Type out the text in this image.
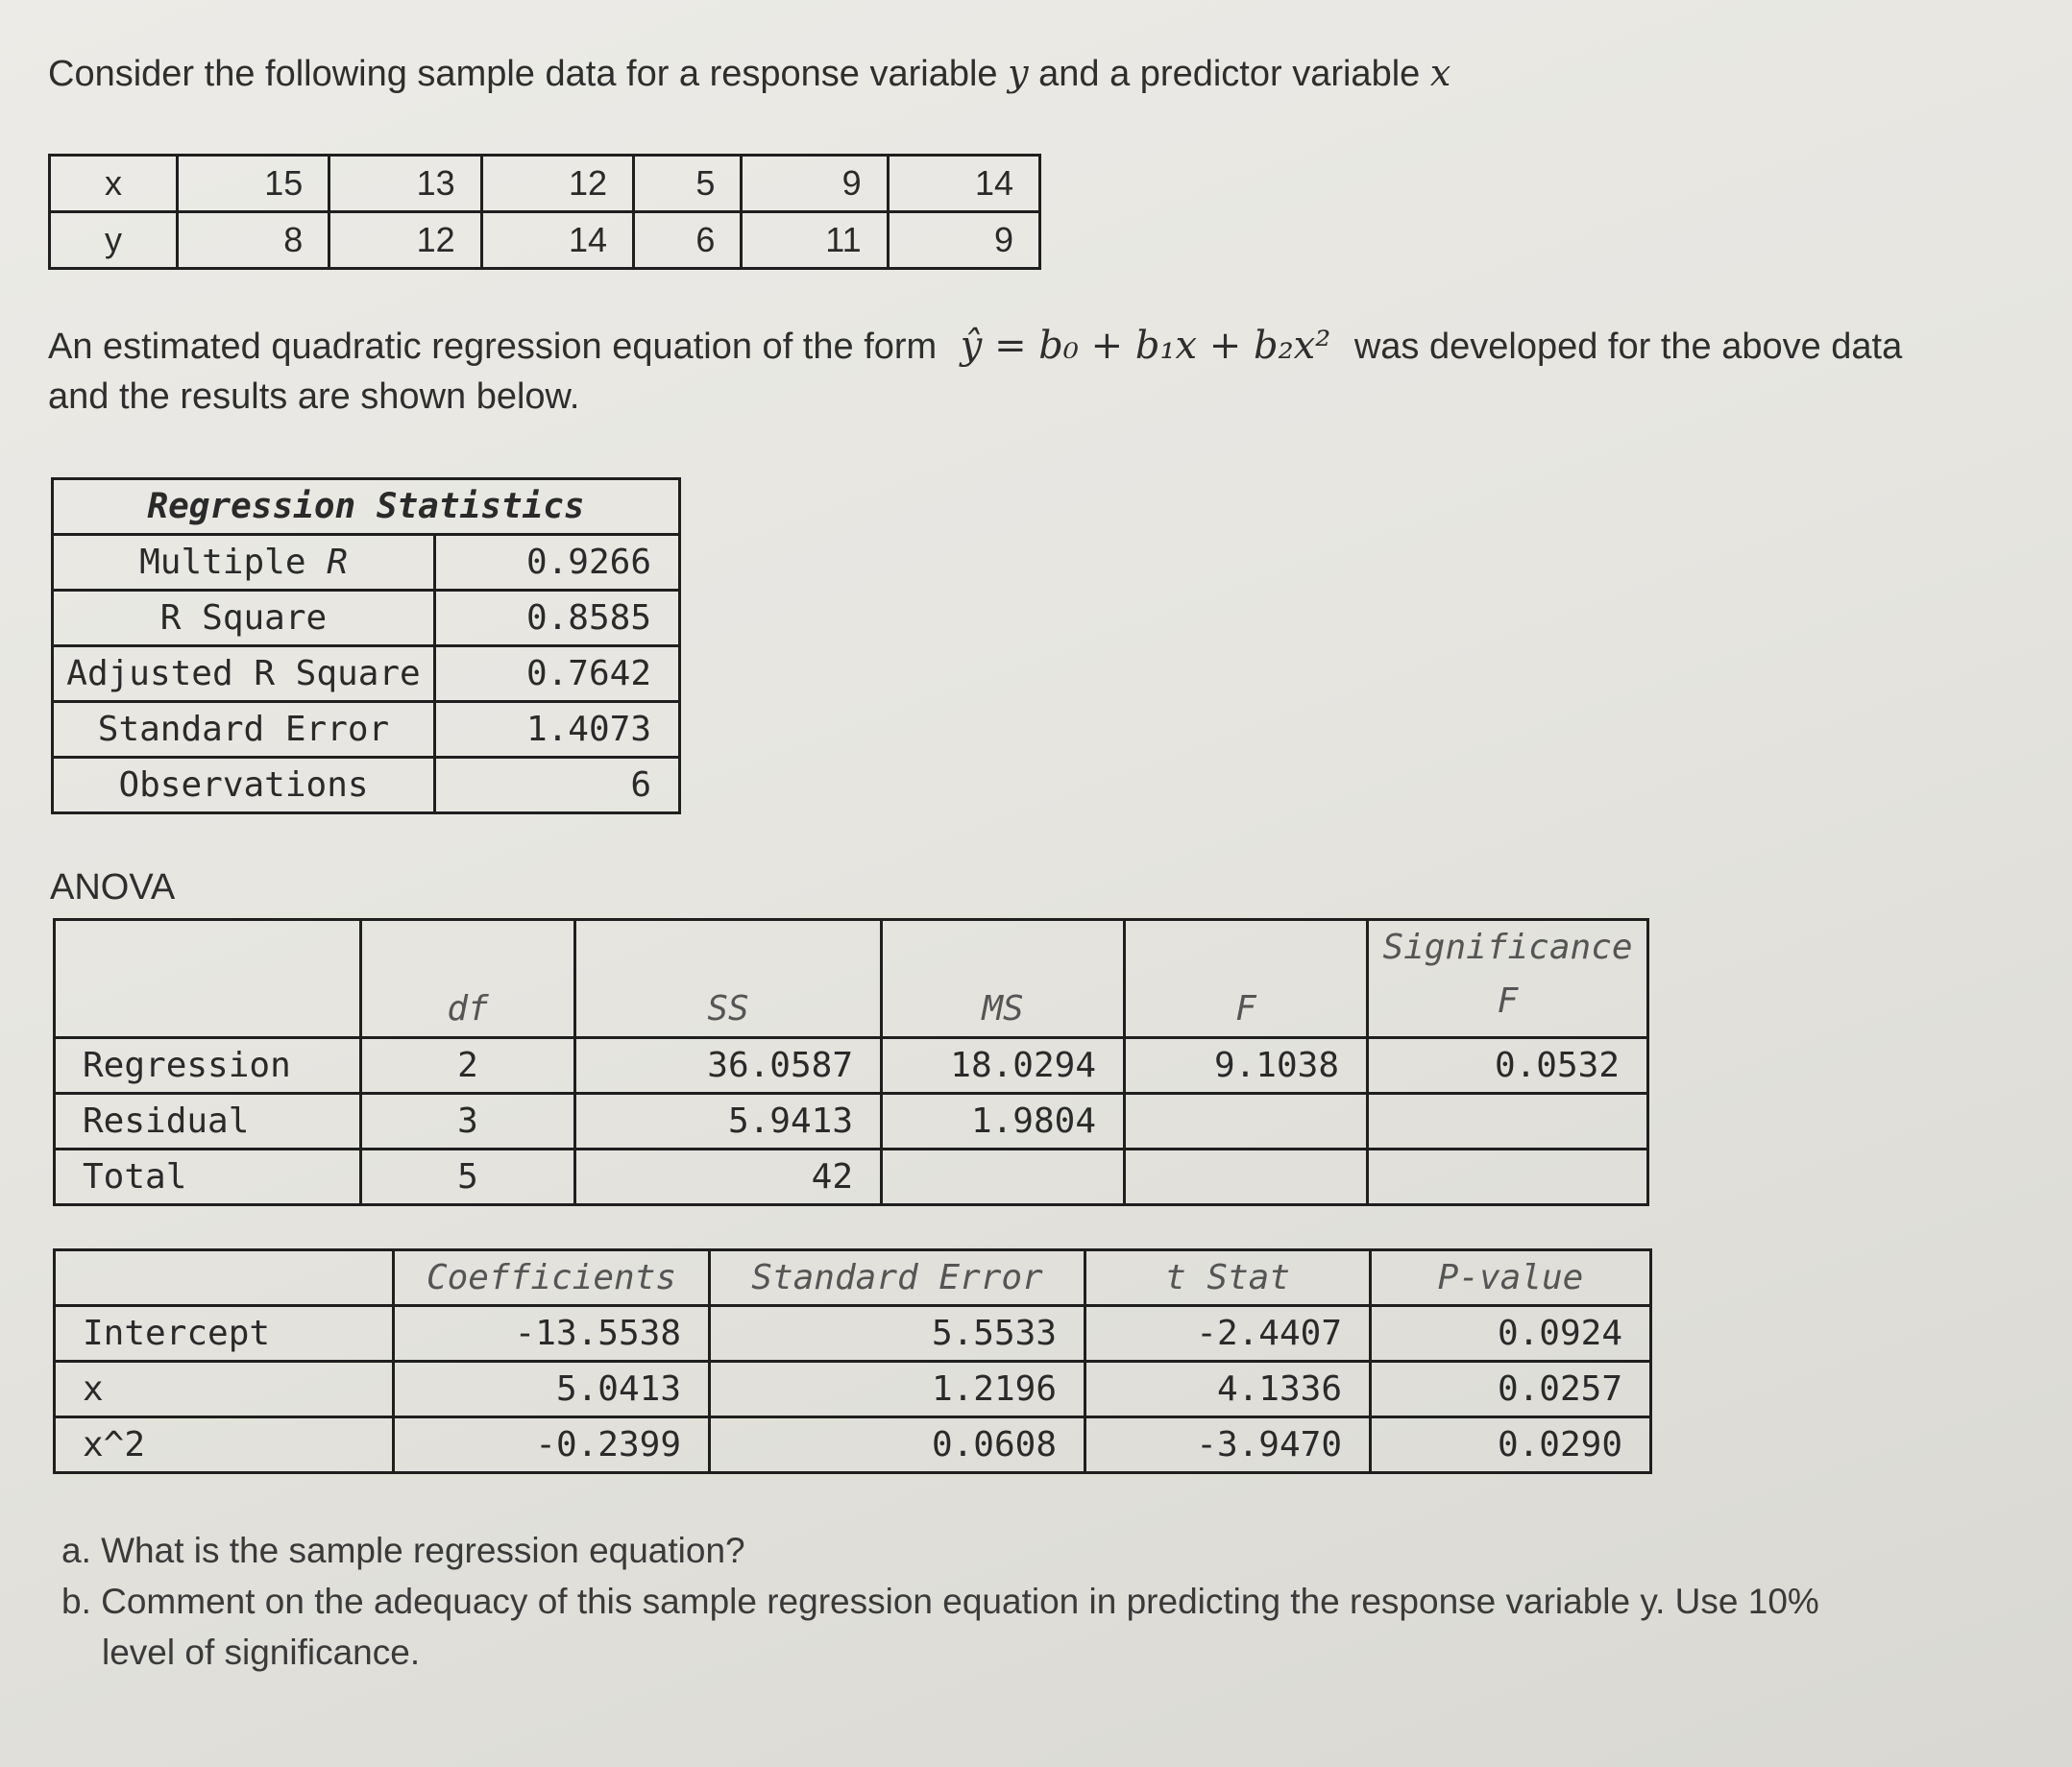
Consider the following sample data for a response variable y and a predictor variable x
x	15	13	12	5	9	14
y	8	12	14	6	11	9
An estimated quadratic regression equation of the form ŷ = b₀ + b₁x + b₂x² was developed for the above data
and the results are shown below.
Regression Statistics	
Multiple R	0.9266
R Square	0.8585
Adjusted R Square	0.7642
Standard Error	1.4073
Observations	6
ANOVA
	df	SS	MS	F	Significance F
Regression	2	36.0587	18.0294	9.1038	0.0532
Residual	3	5.9413	1.9804		
Total	5	42			
	Coefficients	Standard Error	t Stat	P-value
Intercept	-13.5538	5.5533	-2.4407	0.0924
x	5.0413	1.2196	4.1336	0.0257
x^2	-0.2399	0.0608	-3.9470	0.0290
a. What is the sample regression equation?
b. Comment on the adequacy of this sample regression equation in predicting the response variable y. Use 10%
level of significance.
